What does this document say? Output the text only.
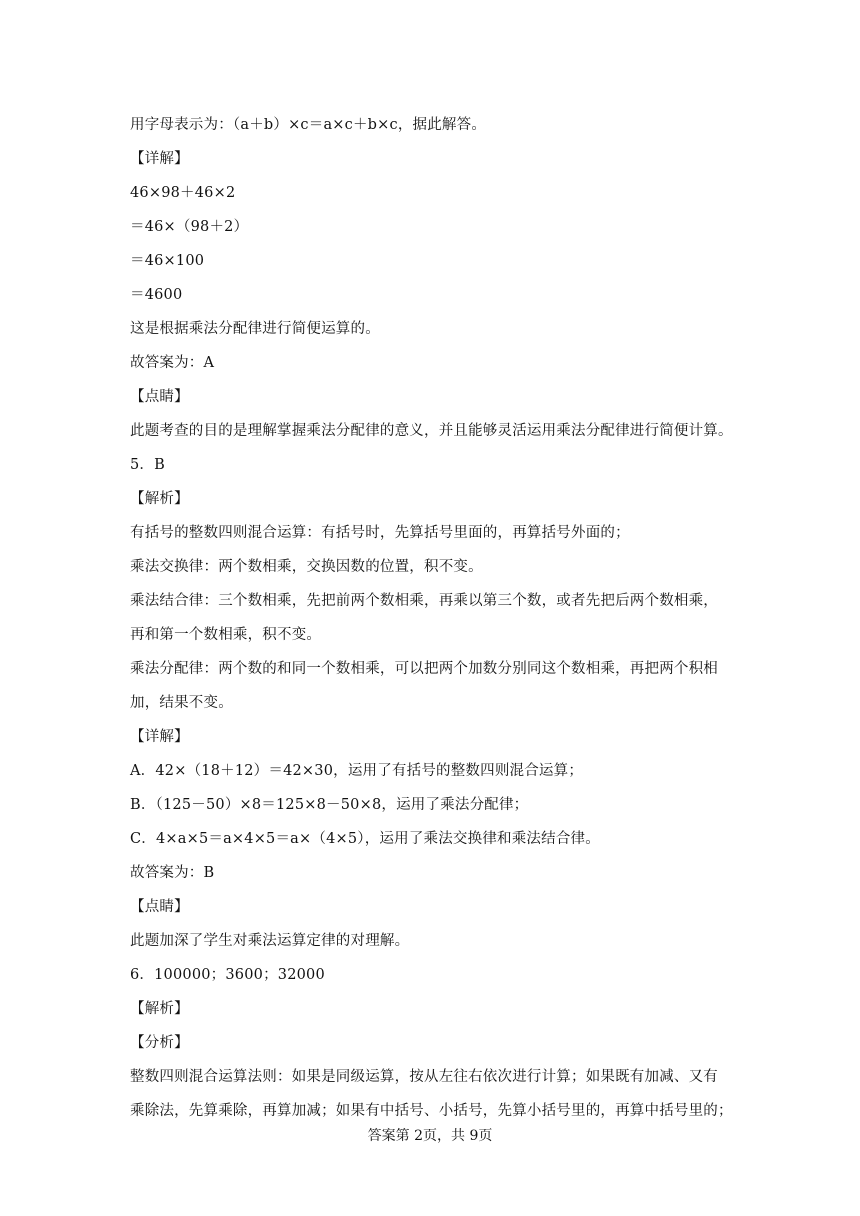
用字母表示为：（a＋b）×c＝a×c＋b×c，据此解答。
【详解】
46×98＋46×2
＝46×（98＋2）
＝46×100
＝4600
这是根据乘法分配律进行简便运算的。
故答案为：A
【点睛】
此题考查的目的是理解掌握乘法分配律的意义，并且能够灵活运用乘法分配律进行简便计算。
5．B
【解析】
有括号的整数四则混合运算：有括号时，先算括号里面的，再算括号外面的；
乘法交换律：两个数相乘，交换因数的位置，积不变。
乘法结合律：三个数相乘，先把前两个数相乘，再乘以第三个数，或者先把后两个数相乘，
再和第一个数相乘，积不变。
乘法分配律：两个数的和同一个数相乘，可以把两个加数分别同这个数相乘，再把两个积相
加，结果不变。
【详解】
A．42×（18＋12）＝42×30，运用了有括号的整数四则混合运算；
B．（125－50）×8＝125×8－50×8，运用了乘法分配律；
C．4×a×5＝a×4×5＝a×（4×5），运用了乘法交换律和乘法结合律。
故答案为：B
【点睛】
此题加深了学生对乘法运算定律的对理解。
6．100000；3600；32000
【解析】
【分析】
整数四则混合运算法则：如果是同级运算，按从左往右依次进行计算；如果既有加减、又有
乘除法，先算乘除，再算加减；如果有中括号、小括号，先算小括号里的，再算中括号里的；
答案第 2页，共 9页
